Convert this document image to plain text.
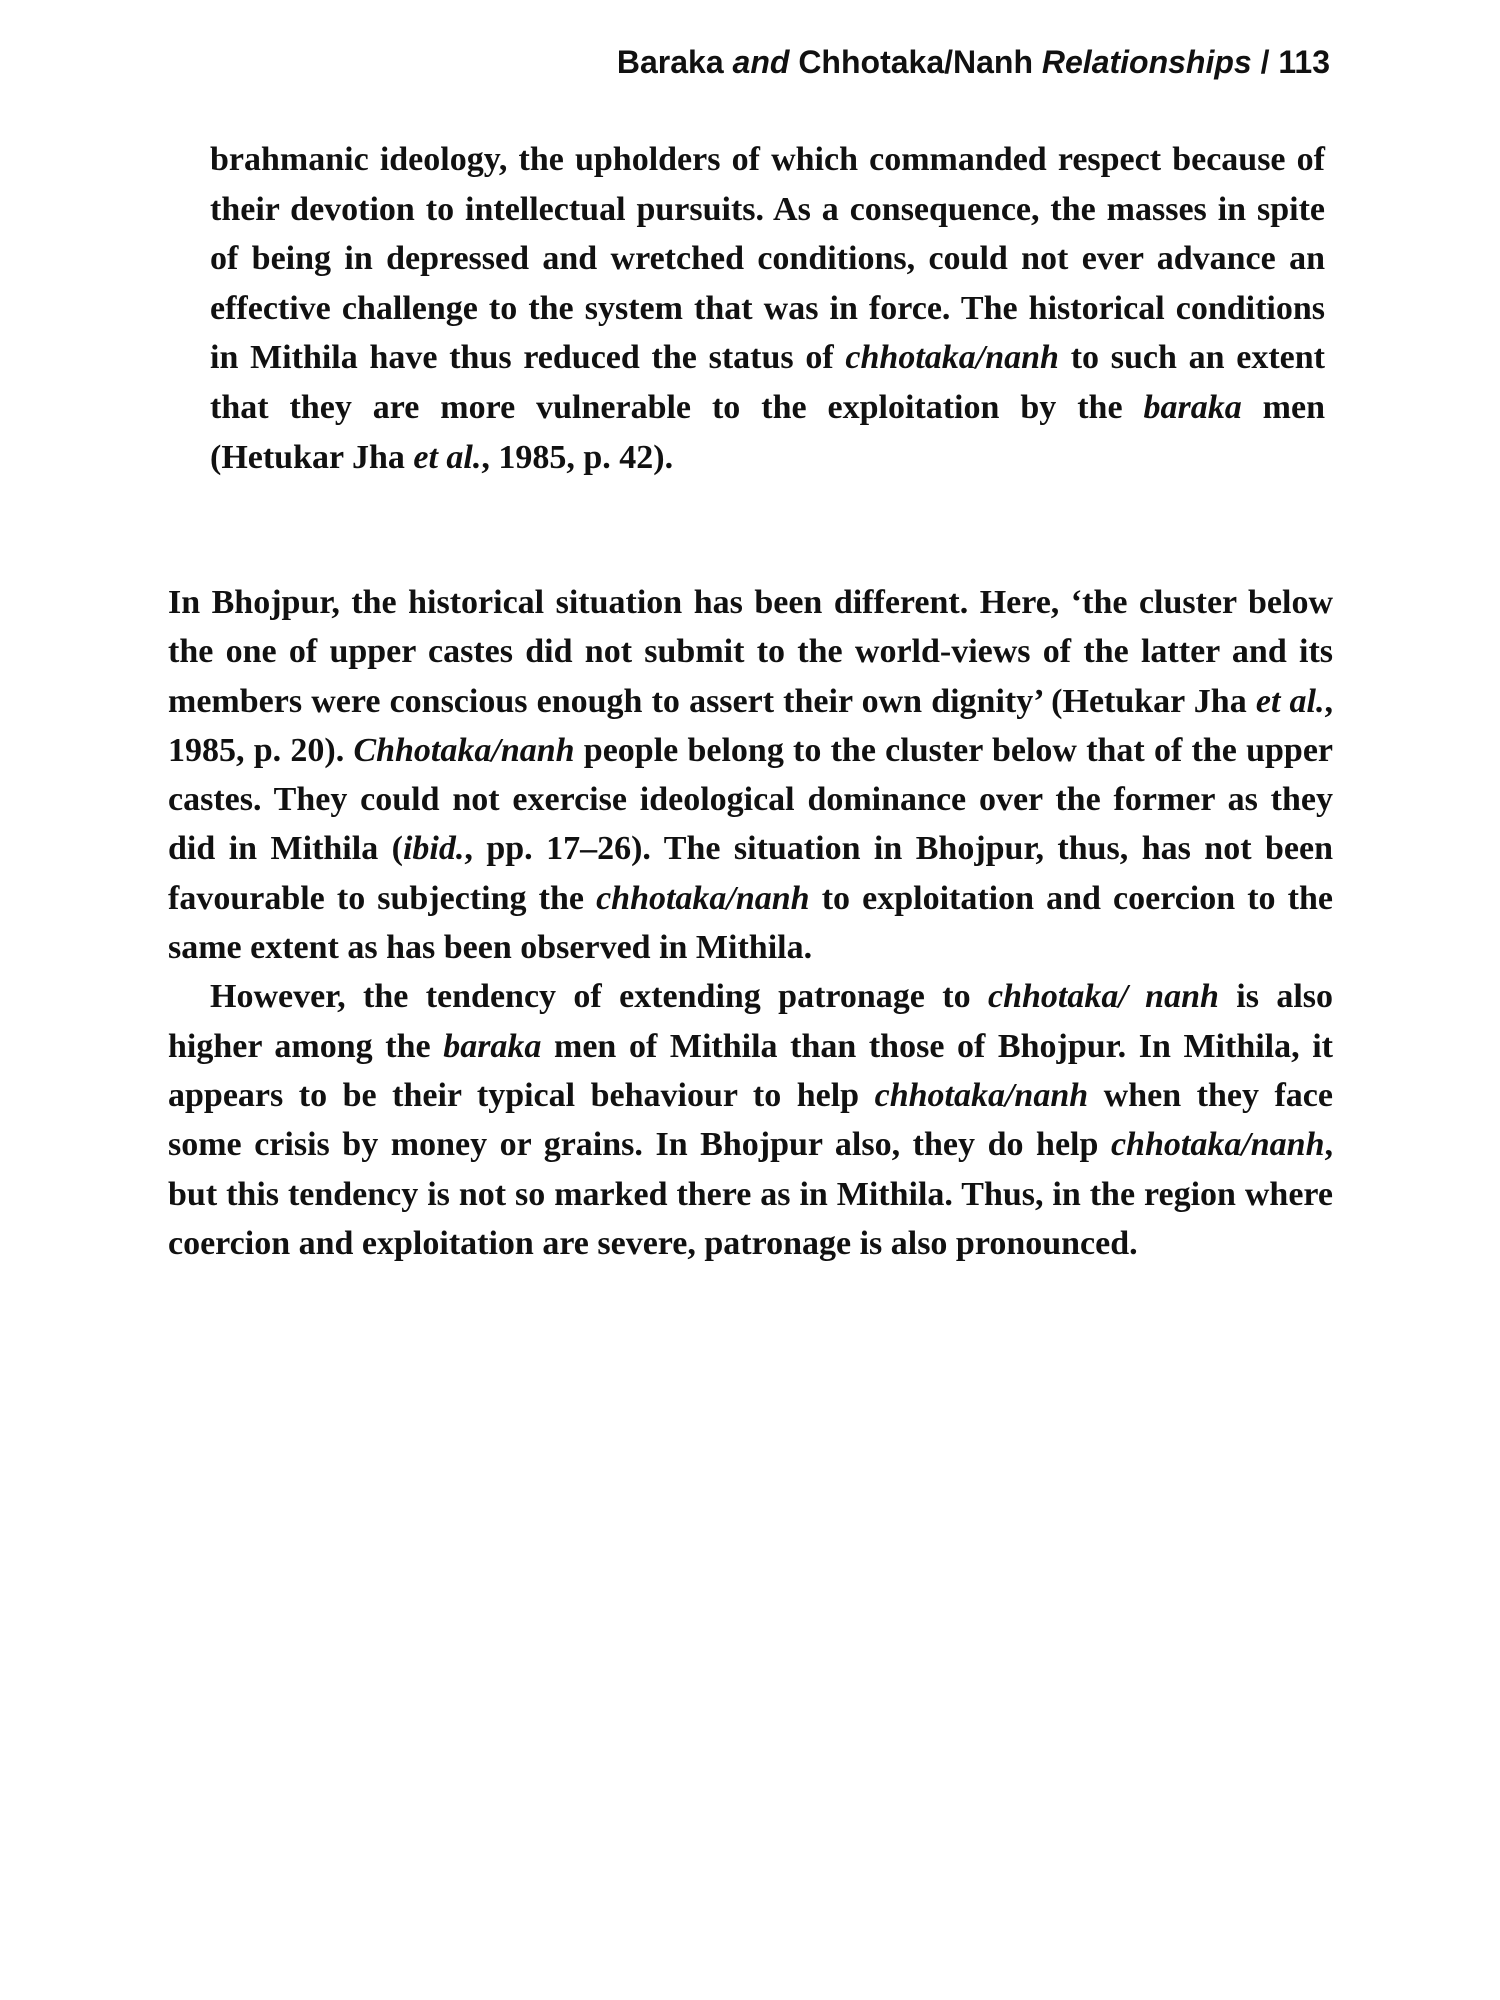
Baraka and Chhotaka/Nanh Relationships / 113
brahmanic ideology, the upholders of which commanded respect because of their devotion to intellectual pursuits. As a consequence, the masses in spite of being in depressed and wretched conditions, could not ever advance an effective challenge to the system that was in force. The historical conditions in Mithila have thus reduced the status of chhotaka/nanh to such an extent that they are more vulnerable to the exploitation by the baraka men (Hetukar Jha et al., 1985, p. 42).

In Bhojpur, the historical situation has been different. Here, ‘the cluster below the one of upper castes did not submit to the world-views of the latter and its members were conscious enough to assert their own dignity’ (Hetukar Jha et al., 1985, p. 20). Chhotaka/nanh people belong to the cluster below that of the upper castes. They could not exercise ideological dominance over the former as they did in Mithila (ibid., pp. 17–26). The situation in Bhojpur, thus, has not been favourable to subjecting the chhotaka/nanh to exploitation and coercion to the same extent as has been observed in Mithila.

However, the tendency of extending patronage to chhotaka/ nanh is also higher among the baraka men of Mithila than those of Bhojpur. In Mithila, it appears to be their typical behaviour to help chhotaka/nanh when they face some crisis by money or grains. In Bhojpur also, they do help chhotaka/nanh, but this tendency is not so marked there as in Mithila. Thus, in the region where coercion and exploitation are severe, patronage is also pronounced.
